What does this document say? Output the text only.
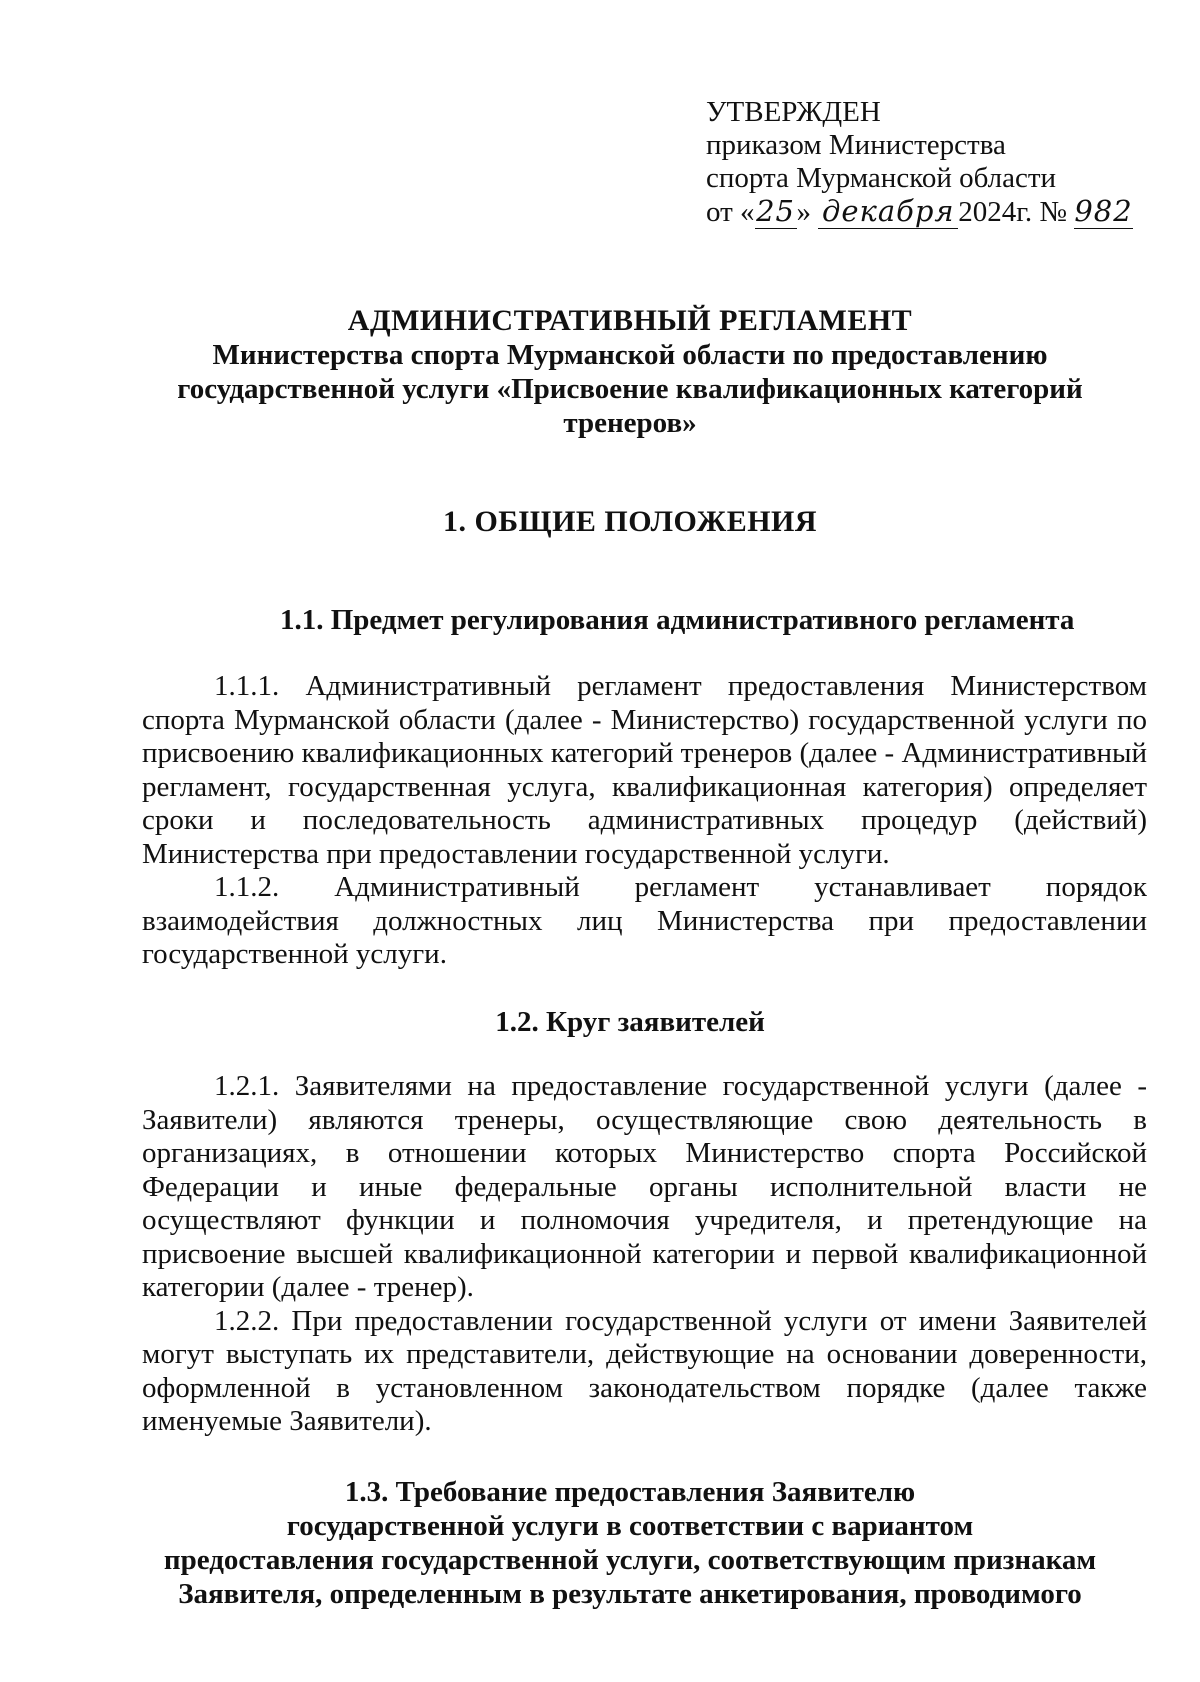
УТВЕРЖДЕН
приказом Министерства
спорта Мурманской области
от «25» декабря 2024г. № 982
АДМИНИСТРАТИВНЫЙ РЕГЛАМЕНТ
Министерства спорта Мурманской области по предоставлению
государственной услуги «Присвоение квалификационных категорий
тренеров»
1. ОБЩИЕ ПОЛОЖЕНИЯ
1.1. Предмет регулирования административного регламента

1.1.1. Административный регламент предоставления Министерством спорта Мурманской области (далее - Министерство) государственной услуги по присвоению квалификационных категорий тренеров (далее - Административный регламент, государственная услуга, квалификационная категория) определяет сроки и последовательность административных процедур (действий) Министерства при предоставлении государственной услуги.

1.1.2. Административный регламент устанавливает порядок взаимодействия должностных лиц Министерства при предоставлении государственной услуги.

1.2. Круг заявителей

1.2.1. Заявителями на предоставление государственной услуги (далее - Заявители) являются тренеры, осуществляющие свою деятельность в организациях, в отношении которых Министерство спорта Российской Федерации и иные федеральные органы исполнительной власти не осуществляют функции и полномочия учредителя, и претендующие на присвоение высшей квалификационной категории и первой квалификационной категории (далее - тренер).

1.2.2. При предоставлении государственной услуги от имени Заявителей могут выступать их представители, действующие на основании доверенности, оформленной в установленном законодательством порядке (далее также именуемые Заявители).

1.3. Требование предоставления Заявителю
государственной услуги в соответствии с вариантом
предоставления государственной услуги, соответствующим признакам
Заявителя, определенным в результате анкетирования, проводимого
